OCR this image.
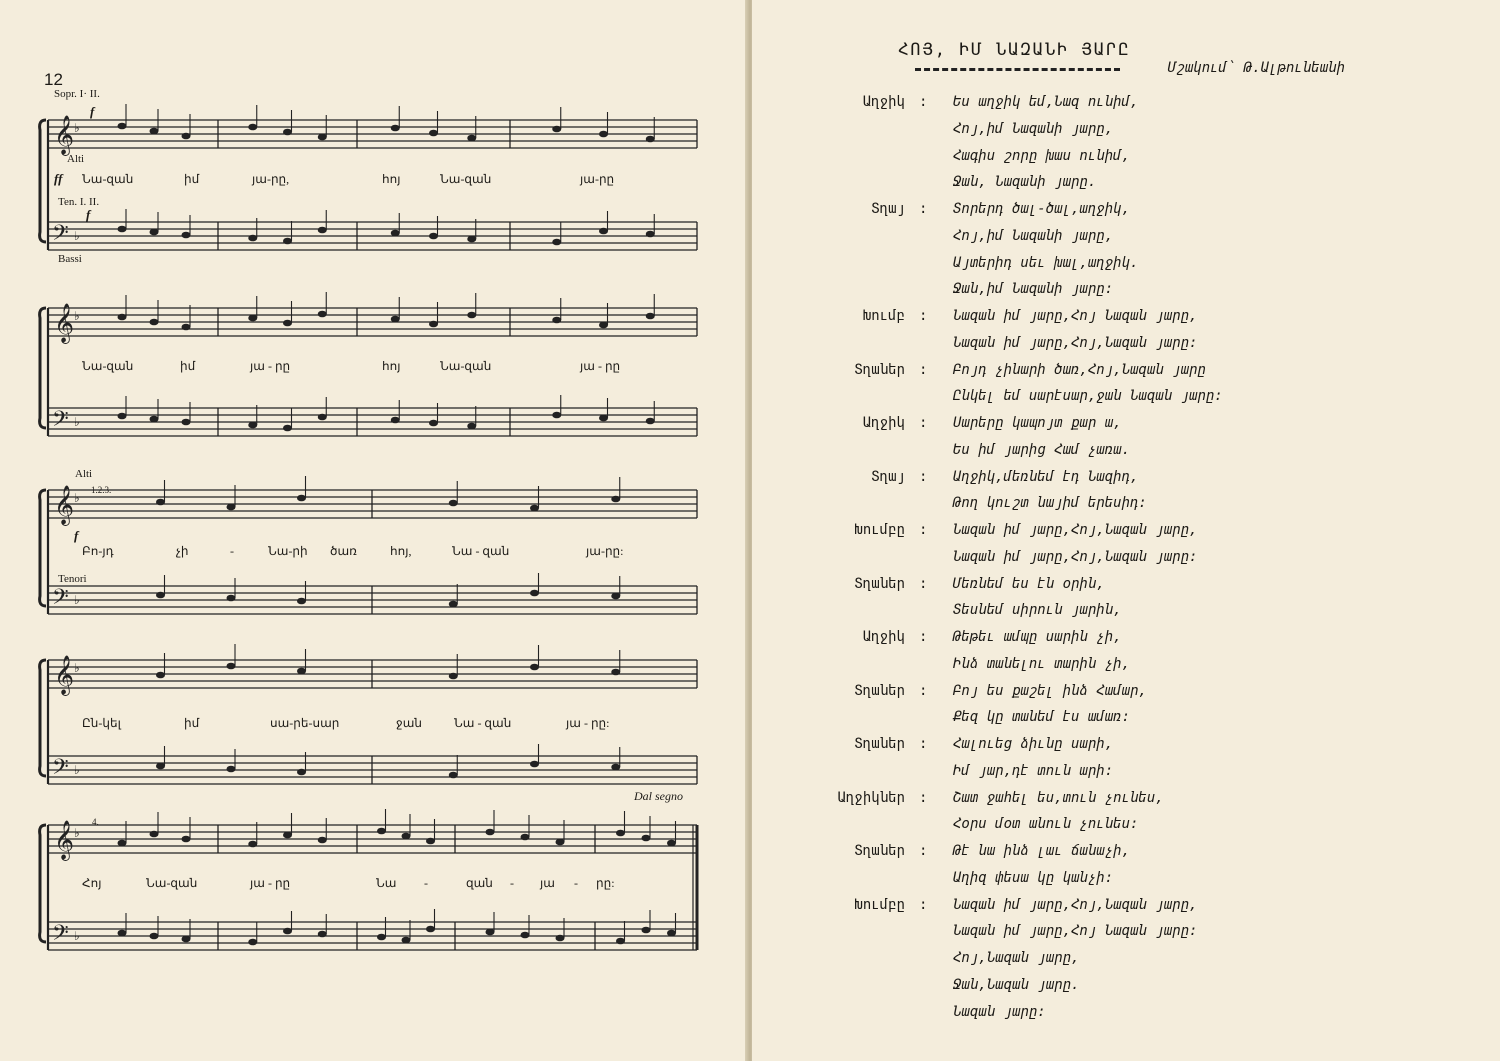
12
Sopr. I· II.
Alti
Ten. I. II.
Bassi
Alti
Tenori
f
ff
f
f
1.2.3.
4.
Dal segno
Նա-զան	իմ	յա-րը,	հոյ	Նա-զան	յա-րը
Նա-զան	իմ	յա - րը	հոյ	Նա-զան	յա - րը
Բո-յդ	չի	-	Նա-րի ծառ	հոյ,	Նա - զան	յա-րը:
Ըն-կել	իմ	սա-րե-սար	ջան	Նա - զան	յա - րը:
Հոյ	Նա-զան	յա - րը	Նա -	զան - յա - րը:
𝄞
𝄢
♭
♭
𝄞
𝄢
♭
♭
𝄞
𝄢
♭
♭
𝄞
𝄢
♭
♭
𝄞
𝄢
♭
♭
ՀՈՅ, ԻՄ ՆԱԶԱՆԻ ՅԱՐԸ
Մշակում՝ Թ.Ալթունեանի
Աղջիկ : Ես աղջիկ եմ,Նազ ունիմ,
Հոյ,իմ Նազանի յարը,
Հագիս շորը խաս ունիմ,
Ջան, Նազանի յարը.
Տղայ : Տորերդ ծալ-ծալ,աղջիկ,
Հոյ,իմ Նազանի յարը,
Այտերիդ սեւ խալ,աղջիկ.
Ջան,իմ Նազանի յարը:
Խումբ : Նազան իմ յարը,Հոյ Նազան յարը,
Նազան իմ յարը,Հոյ,Նազան յարը:
Տղաներ : Բոյդ չինարի ծառ,Հոյ,Նազան յարը
Ընկել եմ սարէսար,ջան Նազան յարը:
Աղջիկ : Սարերը կապոյտ քար ա,
Ես իմ յարից Համ չառա.
Տղայ : Աղջիկ,մեռնեմ էդ Նազիդ,
Թող կուշտ նայիմ երեսիդ:
Խումբը : Նազան իմ յարը,Հոյ,Նազան յարը,
Նազան իմ յարը,Հոյ,Նազան յարը:
Տղաներ : Մեռնեմ ես էն օրին,
Տեսնեմ սիրուն յարին,
Աղջիկ : Թեթեւ ամպը սարին չի,
Ինձ տանելու տարին չի,
Տղաներ : Բոյ ես քաշել ինձ Համար,
Քեզ կը տանեմ էս ամառ:
Տղաներ : Հալուեց ձիւնը սարի,
Իմ յար,դէ տուն արի:
Աղջիկներ : Շատ ջահել ես,տուն չունես,
Հօրս մօտ անուն չունես:
Տղաներ : Թէ նա ինձ լաւ ճանաչի,
Աղիզ փեսա կը կանչի:
Խումբը : Նազան իմ յարը,Հոյ,Նազան յարը,
Նազան իմ յարը,Հոյ Նազան յարը:
Հոյ,Նազան յարը,
Ջան,Նազան յարը.
Նազան յարը:
